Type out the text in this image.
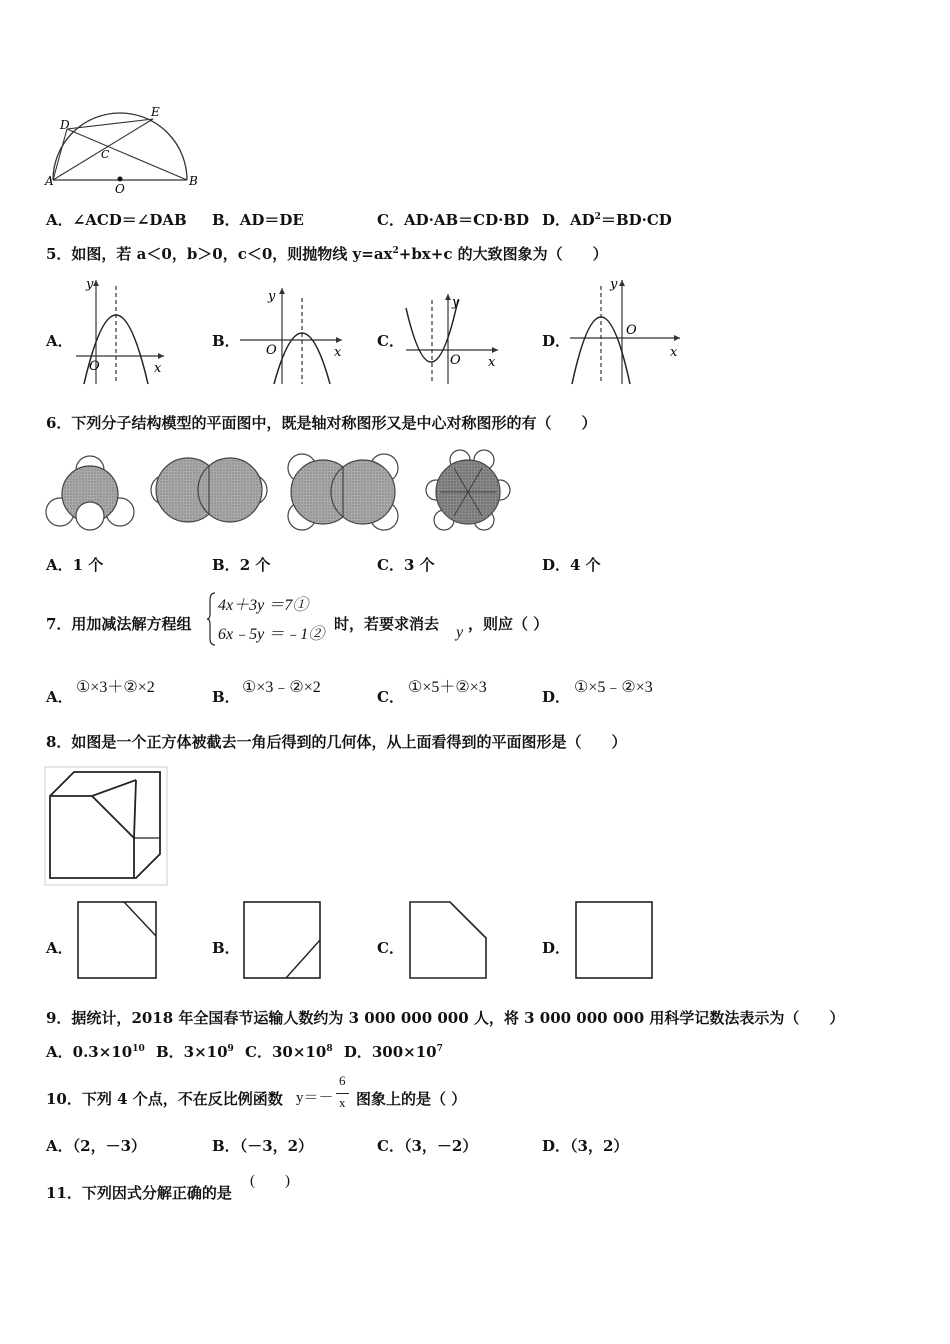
D
E
C
A
O
B
A．∠ACD＝∠DAB B．AD＝DE	C．AD·AB＝CD·BD D．$AD^2=BD\cdot CD$
5．如图，若 a＜0，b＞0，c＜0，则抛物线 $y=ax^2+bx+c$ 的大致图象为（　　）
A．
y
x
O
B．
y
x
O
C．
y
x
O
D．
y
x
O
6．下列分子结构模型的平面图中，既是轴对称图形又是中心对称图形的有（　　）
A．1 个	B．2 个	C．3 个	D．4 个
7．用加减法解方程组
4x＋3y ＝7①
6x﹣5y ＝﹣1②
时，若要求消去 y ，则应（ ）
A．
①×3＋②×2
B．
①×3﹣②×2
C．
①×5＋②×3
D．
①×5﹣②×3
8．如图是一个正方体被截去一角后得到的几何体，从上面看得到的平面图形是（　　）
A．	B．	C．	D．
9．据统计，2018 年全国春节运输人数约为 3 000 000 000 人，将 3 000 000 000 用科学记数法表示为（　　）
A．$0.3\times 10^{10}$ B．$3\times 10^9$ C．$30\times 10^8$ D．$300\times 10^7$
10．下列 4 个点，不在反比例函数 y＝－
6
x 图象上的是（ ）
A．（2，－3）	B．（－3，2）	C．（3，－2）	D．（3，2）
11．下列因式分解正确的是
(　　)
